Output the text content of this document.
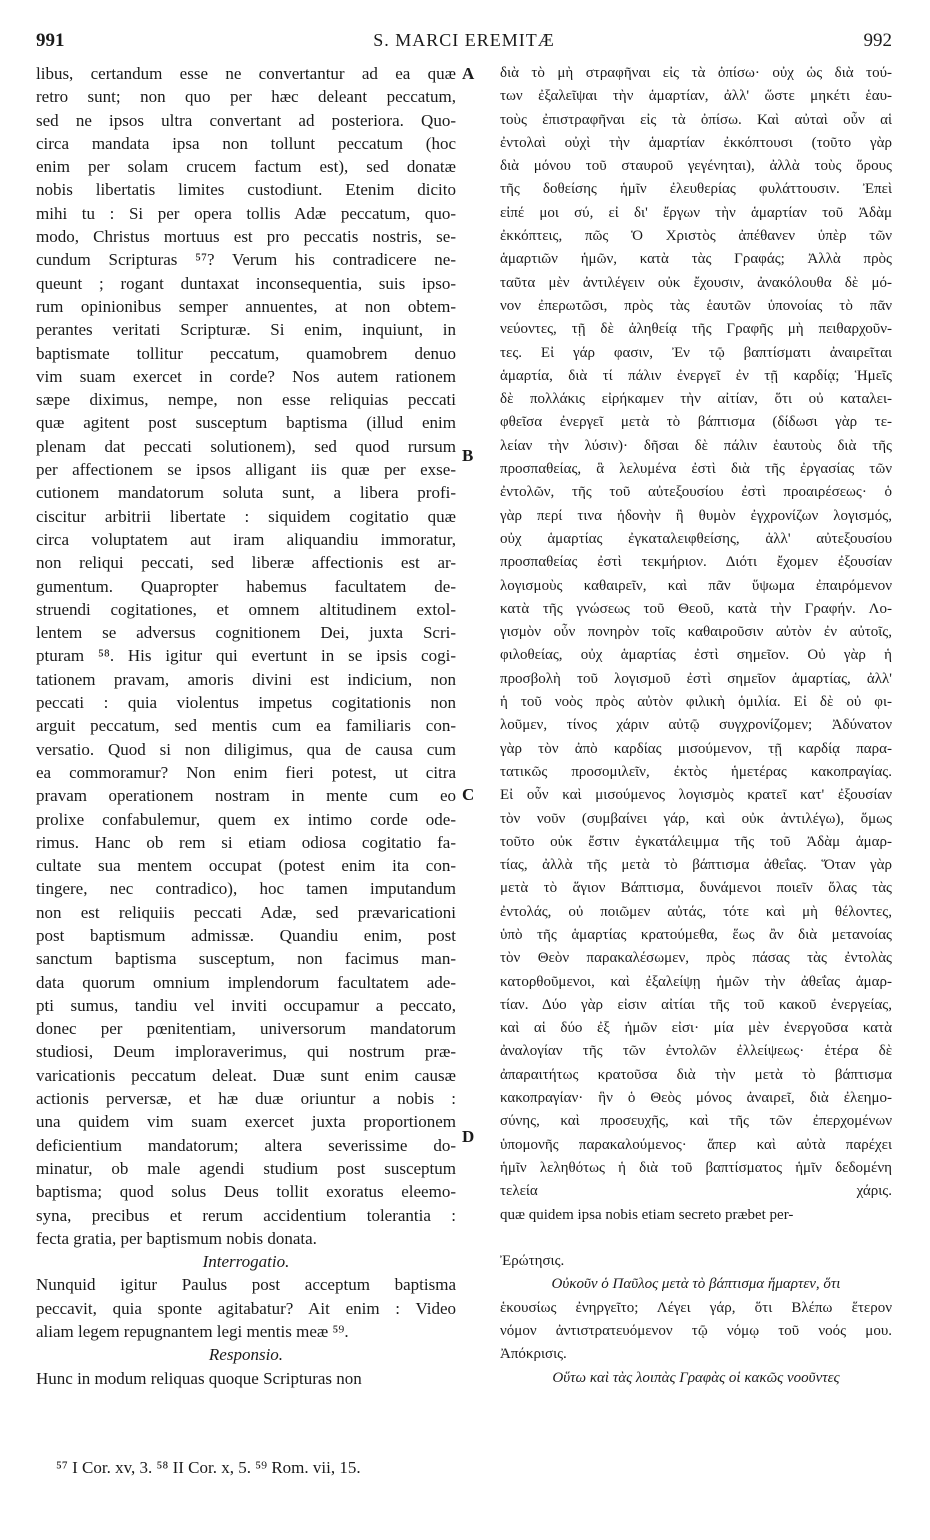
991	S. MARCI EREMITÆ	992
libus, certandum esse ne convertantur ad ea quæ
retro sunt; non quo per hæc deleant peccatum,
sed ne ipsos ultra convertant ad posteriora. Quo-
circa mandata ipsa non tollunt peccatum (hoc
enim per solam crucem factum est), sed donatæ
nobis libertatis limites custodiunt. Etenim dicito
mihi tu : Si per opera tollis Adæ peccatum, quo-
modo, Christus mortuus est pro peccatis nostris, se-
cundum Scripturas ⁵⁷? Verum his contradicere ne-
queunt ; rogant duntaxat inconsequentia, suis ipso-
rum opinionibus semper annuentes, at non obtem-
perantes veritati Scripturæ. Si enim, inquiunt, in
baptismate tollitur peccatum, quamobrem denuo
vim suam exercet in corde? Nos autem rationem
sæpe diximus, nempe, non esse reliquias peccati
quæ agitent post susceptum baptisma (illud enim
plenam dat peccati solutionem), sed quod rursum
per affectionem se ipsos alligant iis quæ per exse-
cutionem mandatorum soluta sunt, a libera profi-
ciscitur arbitrii libertate : siquidem cogitatio quæ
circa voluptatem aut iram aliquandiu immoratur,
non reliqui peccati, sed liberæ affectionis est ar-
gumentum. Quapropter habemus facultatem de-
struendi cogitationes, et omnem altitudinem extol-
lentem se adversus cognitionem Dei, juxta Scri-
pturam ⁵⁸. His igitur qui evertunt in se ipsis cogi-
tationem pravam, amoris divini est indicium, non
peccati : quia violentus impetus cogitationis non
arguit peccatum, sed mentis cum ea familiaris con-
versatio. Quod si non diligimus, qua de causa cum
ea commoramur? Non enim fieri potest, ut citra
pravam operationem nostram in mente cum eo
prolixe confabulemur, quem ex intimo corde ode-
rimus. Hanc ob rem si etiam odiosa cogitatio fa-
cultate sua mentem occupat (potest enim ita con-
tingere, nec contradico), hoc tamen imputandum
non est reliquiis peccati Adæ, sed prævaricationi
post baptismum admissæ. Quandiu enim, post
sanctum baptisma susceptum, non facimus man-
data quorum omnium implendorum facultatem ade-
pti sumus, tandiu vel inviti occupamur a peccato,
donec per pœnitentiam, universorum mandatorum
studiosi, Deum imploraverimus, qui nostrum præ-
varicationis peccatum deleat. Duæ sunt enim causæ
actionis perversæ, et hæ duæ oriuntur a nobis :
una quidem vim suam exercet juxta proportionem
deficientium mandatorum; altera severissime do-
minatur, ob male agendi studium post susceptum
baptisma; quod solus Deus tollit exoratus eleemo-
syna, precibus et rerum accidentium tolerantia :
fecta gratia, per baptismum nobis donata.
Interrogatio.
Nunquid igitur Paulus post acceptum baptisma
peccavit, quia sponte agitabatur? Ait enim : Video
aliam legem repugnantem legi mentis meæ ⁵⁹.
Responsio.
Hunc in modum reliquas quoque Scripturas non
A
B
C
D
διὰ τὸ μὴ στραφῆναι εἰς τὰ ὀπίσω· οὐχ ὡς διὰ τού-
των ἐξαλεῖψαι τὴν ἁμαρτίαν, ἀλλ' ὥστε μηκέτι ἑαυ-
τοὺς ἐπιστραφῆναι εἰς τὰ ὀπίσω. Καὶ αὐταὶ οὖν αἱ
ἐντολαὶ οὐχὶ τὴν ἁμαρτίαν ἐκκόπτουσι (τοῦτο γὰρ
διὰ μόνου τοῦ σταυροῦ γεγένηται), ἀλλὰ τοὺς ὅρους
τῆς δοθείσης ἡμῖν ἐλευθερίας φυλάττουσιν. Ἐπεὶ
εἰπέ μοι σύ, εἰ δι' ἔργων τὴν ἁμαρτίαν τοῦ Ἀδὰμ
ἐκκόπτεις, πῶς Ὁ Χριστὸς ἀπέθανεν ὑπὲρ τῶν
ἁμαρτιῶν ἡμῶν, κατὰ τὰς Γραφάς; Ἀλλὰ πρὸς
ταῦτα μὲν ἀντιλέγειν οὐκ ἔχουσιν, ἀνακόλουθα δὲ μό-
νον ἐπερωτῶσι, πρὸς τὰς ἑαυτῶν ὑπονοίας τὸ πᾶν
νεύοντες, τῇ δὲ ἀληθείᾳ τῆς Γραφῆς μὴ πειθαρχοῦν-
τες. Εἰ γάρ φασιν, Ἐν τῷ βαπτίσματι ἀναιρεῖται
ἁμαρτία, διὰ τί πάλιν ἐνεργεῖ ἐν τῇ καρδίᾳ; Ἡμεῖς
δὲ πολλάκις εἰρήκαμεν τὴν αἰτίαν, ὅτι οὐ καταλει-
φθεῖσα ἐνεργεῖ μετὰ τὸ βάπτισμα (δίδωσι γὰρ τε-
λείαν τὴν λύσιν)· δῆσαι δὲ πάλιν ἑαυτοὺς διὰ τῆς
προσπαθείας, ἃ λελυμένα ἐστὶ διὰ τῆς ἐργασίας τῶν
ἐντολῶν, τῆς τοῦ αὐτεξουσίου ἐστὶ προαιρέσεως· ὁ
γὰρ περί τινα ἡδονὴν ἢ θυμὸν ἐγχρονίζων λογισμός,
οὐχ ἁμαρτίας ἐγκαταλειφθείσης, ἀλλ' αὐτεξουσίου
προσπαθείας ἐστὶ τεκμήριον. Διότι ἔχομεν ἐξουσίαν
λογισμοὺς καθαιρεῖν, καὶ πᾶν ὕψωμα ἐπαιρόμενον
κατὰ τῆς γνώσεως τοῦ Θεοῦ, κατὰ τὴν Γραφήν. Λο-
γισμὸν οὖν πονηρὸν τοῖς καθαιροῦσιν αὐτὸν ἐν αὐτοῖς,
φιλοθείας, οὐχ ἁμαρτίας ἐστὶ σημεῖον. Οὐ γὰρ ἡ
προσβολὴ τοῦ λογισμοῦ ἐστὶ σημεῖον ἁμαρτίας, ἀλλ'
ἡ τοῦ νοὸς πρὸς αὐτὸν φιλικὴ ὁμιλία. Εἰ δὲ οὐ φι-
λοῦμεν, τίνος χάριν αὐτῷ συγχρονίζομεν; Ἀδύνατον
γὰρ τὸν ἀπὸ καρδίας μισούμενον, τῇ καρδίᾳ παρα-
τατικῶς προσομιλεῖν, ἐκτὸς ἡμετέρας κακοπραγίας.
Εἰ οὖν καὶ μισούμενος λογισμὸς κρατεῖ κατ' ἐξουσίαν
τὸν νοῦν (συμβαίνει γάρ, καὶ οὐκ ἀντιλέγω), ὅμως
τοῦτο οὐκ ἔστιν ἐγκατάλειμμα τῆς τοῦ Ἀδὰμ ἁμαρ-
τίας, ἀλλὰ τῆς μετὰ τὸ βάπτισμα ἀθεΐας. Ὅταν γὰρ
μετὰ τὸ ἅγιον Βάπτισμα, δυνάμενοι ποιεῖν ὅλας τὰς
ἐντολάς, οὐ ποιῶμεν αὐτάς, τότε καὶ μὴ θέλοντες,
ὑπὸ τῆς ἁμαρτίας κρατούμεθα, ἕως ἂν διὰ μετανοίας
τὸν Θεὸν παρακαλέσωμεν, πρὸς πάσας τὰς ἐντολὰς
κατορθοῦμενοι, καὶ ἐξαλείψῃ ἡμῶν τὴν ἀθεΐας ἁμαρ-
τίαν. Δύο γὰρ εἰσιν αἰτίαι τῆς τοῦ κακοῦ ἐνεργείας,
καὶ αἱ δύο ἐξ ἡμῶν εἰσι· μία μὲν ἐνεργοῦσα κατὰ
ἀναλογίαν τῆς τῶν ἐντολῶν ἐλλείψεως· ἑτέρα δὲ
ἀπαραιτήτως κρατοῦσα διὰ τὴν μετὰ τὸ βάπτισμα
κακοπραγίαν· ἣν ὁ Θεὸς μόνος ἀναιρεῖ, διὰ ἐλεημο-
σύνης, καὶ προσευχῆς, καὶ τῆς τῶν ἐπερχομένων
ὑπομονῆς παρακαλούμενος· ἅπερ καὶ αὐτὰ παρέχει
ἡμῖν λεληθότως ἡ διὰ τοῦ βαπτίσματος ἡμῖν δεδομένη
τελεία χάρις.
quæ quidem ipsa nobis etiam secreto præbet per-
Ἐρώτησις.
Οὐκοῦν ὁ Παῦλος μετὰ τὸ βάπτισμα ἥμαρτεν, ὅτι
ἑκουσίως ἐνηργεῖτο; Λέγει γάρ, ὅτι Βλέπω ἕτερον
νόμον ἀντιστρατευόμενον τῷ νόμῳ τοῦ νοός μου.
Ἀπόκρισις.
Οὕτω καὶ τὰς λοιπὰς Γραφὰς οἱ κακῶς νοοῦντες
⁵⁷ I Cor. xv, 3. ⁵⁸ II Cor. x, 5. ⁵⁹ Rom. vii, 15.
